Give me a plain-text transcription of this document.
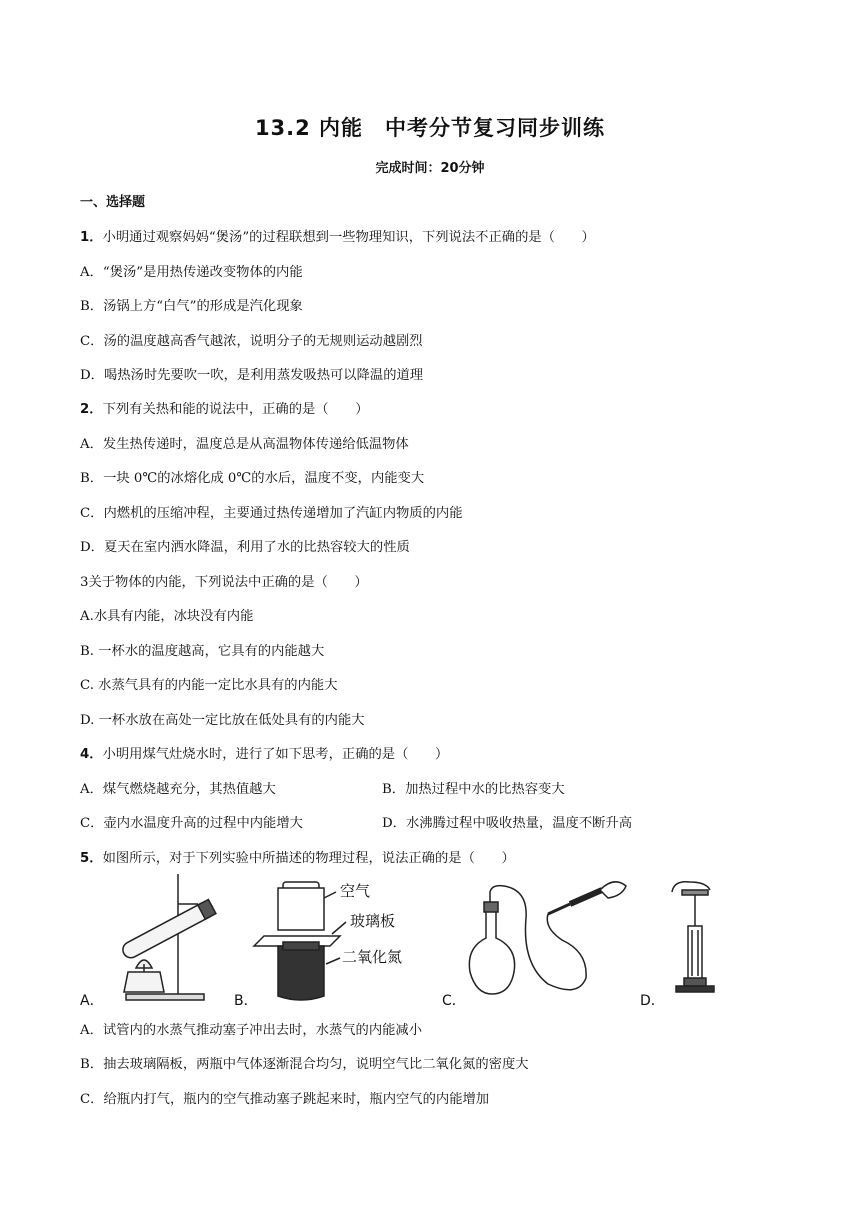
13.2 内能　中考分节复习同步训练
完成时间：20分钟
一、选择题
1．小明通过观察妈妈“煲汤”的过程联想到一些物理知识，下列说法不正确的是（　　）
A．“煲汤”是用热传递改变物体的内能
B．汤锅上方“白气”的形成是汽化现象
C．汤的温度越高香气越浓，说明分子的无规则运动越剧烈
D．喝热汤时先要吹一吹，是利用蒸发吸热可以降温的道理
2．下列有关热和能的说法中，正确的是（　　）
A．发生热传递时，温度总是从高温物体传递给低温物体
B．一块 0℃的冰熔化成 0℃的水后，温度不变，内能变大
C．内燃机的压缩冲程，主要通过热传递增加了汽缸内物质的内能
D．夏天在室内洒水降温，利用了水的比热容较大的性质
3关于物体的内能，下列说法中正确的是（　　）
A.水具有内能，冰块没有内能
B. 一杯水的温度越高，它具有的内能越大
C. 水蒸气具有的内能一定比水具有的内能大
D. 一杯水放在高处一定比放在低处具有的内能大
4．小明用煤气灶烧水时，进行了如下思考，正确的是（　　）
A．煤气燃烧越充分，其热值越大	B．加热过程中水的比热容变大
C．壶内水温度升高的过程中内能增大	D．水沸腾过程中吸收热量，温度不断升高
5．如图所示，对于下列实验中所描述的物理过程，说法正确的是（　　）
空气
玻璃板
二氧化氮
A．	B．	C．	D．
A．试管内的水蒸气推动塞子冲出去时，水蒸气的内能减小
B．抽去玻璃隔板，两瓶中气体逐渐混合均匀，说明空气比二氧化氮的密度大
C．给瓶内打气，瓶内的空气推动塞子跳起来时，瓶内空气的内能增加
